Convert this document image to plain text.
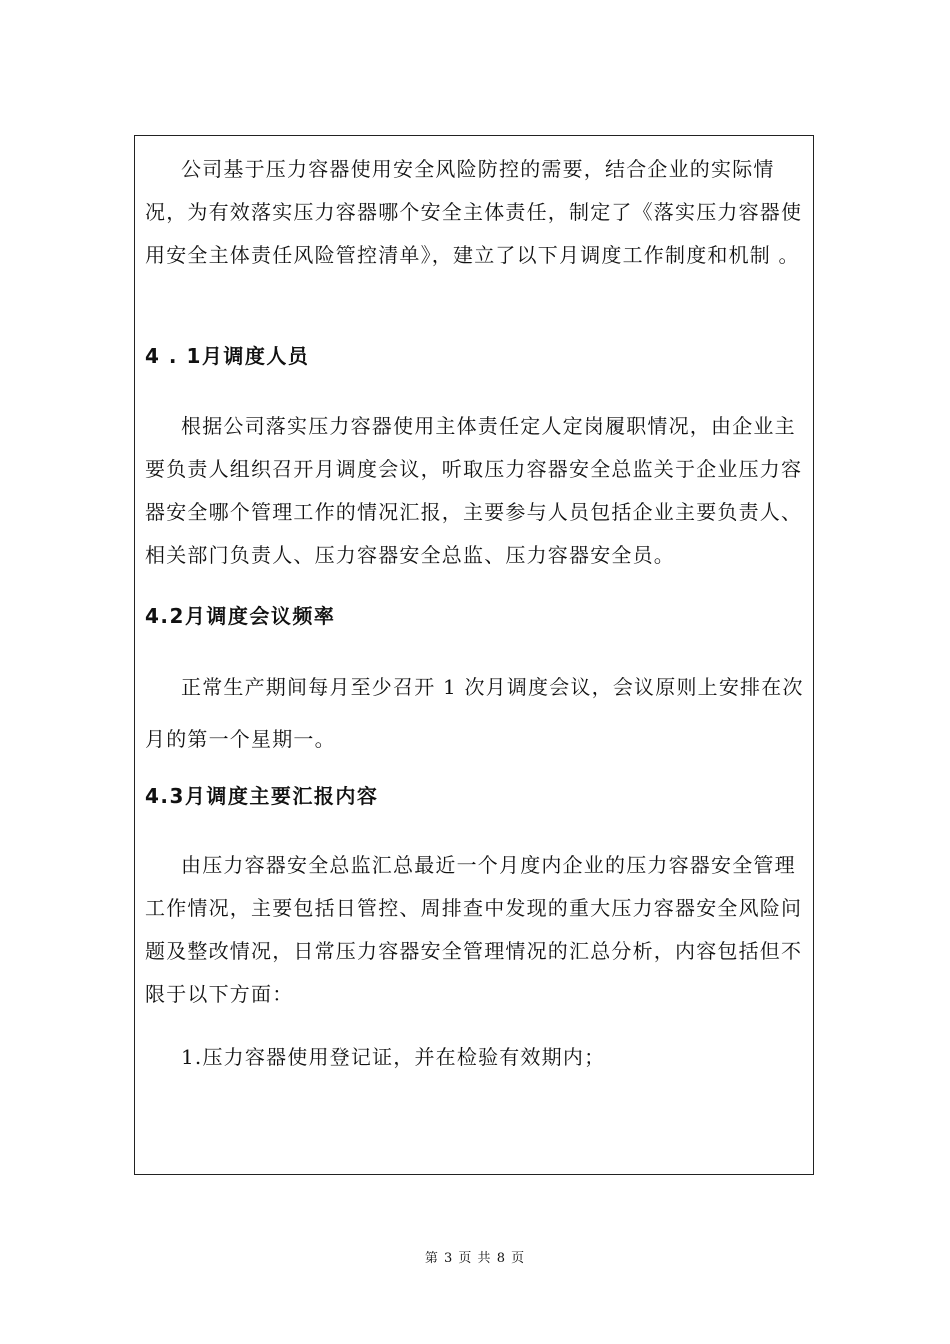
公司基于压力容器使用安全风险防控的需要，结合企业的实际情况，为有效落实压力容器哪个安全主体责任，制定了《落实压力容器使用安全主体责任风险管控清单》，建立了以下月调度工作制度和机制 。

4 . 1月调度人员

根据公司落实压力容器使用主体责任定人定岗履职情况，由企业主要负责人组织召开月调度会议，听取压力容器安全总监关于企业压力容器安全哪个管理工作的情况汇报，主要参与人员包括企业主要负责人、相关部门负责人、压力容器安全总监、压力容器安全员。

4.2月调度会议频率

正常生产期间每月至少召开 1 次月调度会议，会议原则上安排在次月的第一个星期一。

4.3月调度主要汇报内容

由压力容器安全总监汇总最近一个月度内企业的压力容器安全管理工作情况，主要包括日管控、周排查中发现的重大压力容器安全风险问题及整改情况，日常压力容器安全管理情况的汇总分析，内容包括但不限于以下方面：

1.压力容器使用登记证，并在检验有效期内；

第 3 页 共 8 页
